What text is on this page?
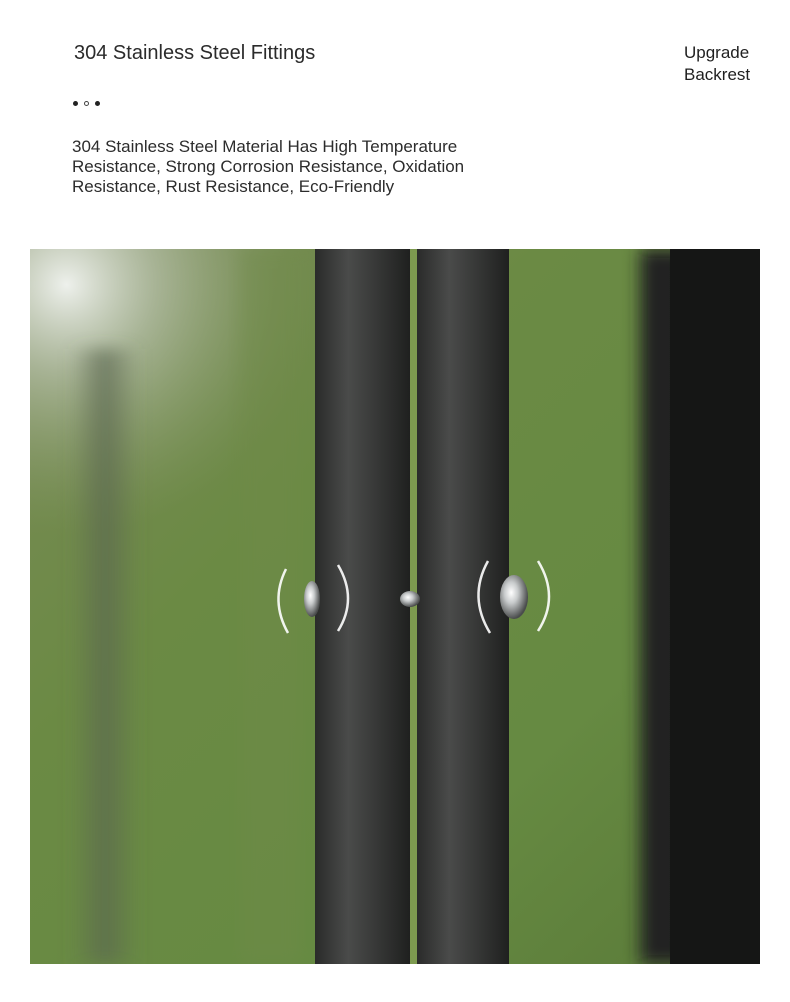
304 Stainless Steel Fittings	Upgrade
Backrest

304 Stainless Steel Material Has High Temperature Resistance, Strong Corrosion Resistance, Oxidation Resistance, Rust Resistance, Eco-Friendly
